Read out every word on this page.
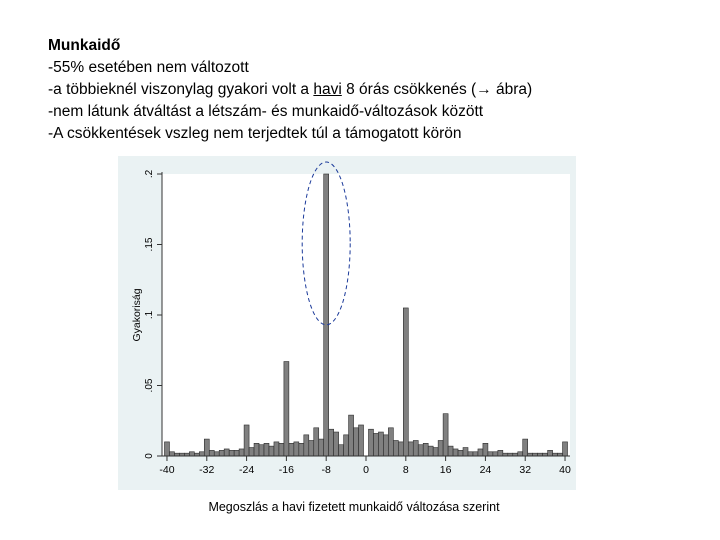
Munkaidő
-55% esetében nem változott
-a többieknél viszonylag gyakori volt a havi 8 órás csökkenés (→ ábra)
-nem látunk átváltást a létszám- és munkaidő-változások között
-A csökkentések vszleg nem terjedtek túl a támogatott körön
0
.05
.1
.15
.2
Gyakoriság
-40 -32 -24 -16	-8	0	8	16	24	32	40
Megoszlás a havi fizetett munkaidő változása szerint
